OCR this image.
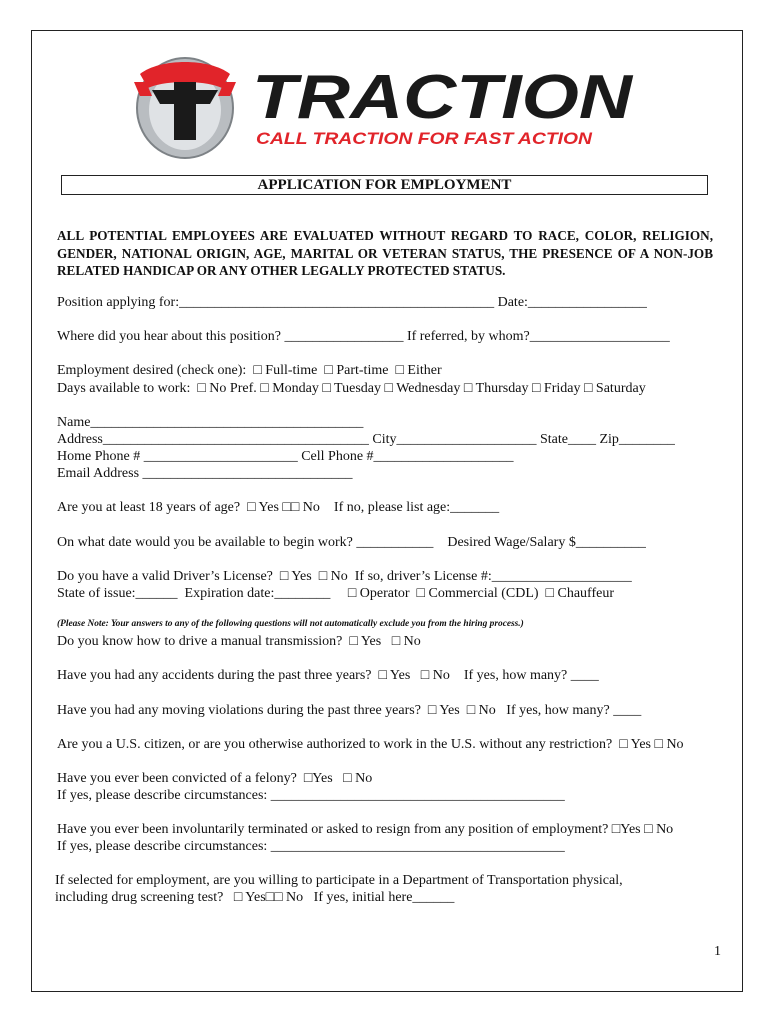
TRACTION
CALL TRACTION FOR FAST ACTION
APPLICATION FOR EMPLOYMENT
ALL POTENTIAL EMPLOYEES ARE EVALUATED WITHOUT REGARD TO RACE, COLOR, RELIGION, GENDER, NATIONAL ORIGIN, AGE, MARITAL OR VETERAN STATUS, THE PRESENCE OF A NON-JOB RELATED HANDICAP OR ANY OTHER LEGALLY PROTECTED STATUS.
Position applying for:_____________________________________________ Date:_________________
Where did you hear about this position? _________________ If referred, by whom?____________________
Employment desired (check one):  □ Full-time  □ Part-time  □ Either
Days available to work:  □ No Pref. □ Monday □ Tuesday □ Wednesday □ Thursday □ Friday □ Saturday
Name_______________________________________
Address______________________________________ City____________________ State____ Zip________
Home Phone # ______________________ Cell Phone #____________________
Email Address ______________________________
Are you at least 18 years of age?  □ Yes □□ No    If no, please list age:_______
On what date would you be available to begin work? ___________    Desired Wage/Salary $__________
Do you have a valid Driver’s License?  □ Yes  □ No  If so, driver’s License #:____________________
State of issue:______  Expiration date:________     □ Operator  □ Commercial (CDL)  □ Chauffeur
(Please Note: Your answers to any of the following questions will not automatically exclude you from the hiring process.)
Do you know how to drive a manual transmission?  □ Yes   □ No
Have you had any accidents during the past three years?  □ Yes   □ No    If yes, how many? ____
Have you had any moving violations during the past three years?  □ Yes  □ No   If yes, how many? ____
Are you a U.S. citizen, or are you otherwise authorized to work in the U.S. without any restriction?  □ Yes □ No
Have you ever been convicted of a felony?  □Yes   □ No
If yes, please describe circumstances: __________________________________________
Have you ever been involuntarily terminated or asked to resign from any position of employment? □Yes □ No
If yes, please describe circumstances: __________________________________________
If selected for employment, are you willing to participate in a Department of Transportation physical,
including drug screening test?   □ Yes□□ No   If yes, initial here______
1
